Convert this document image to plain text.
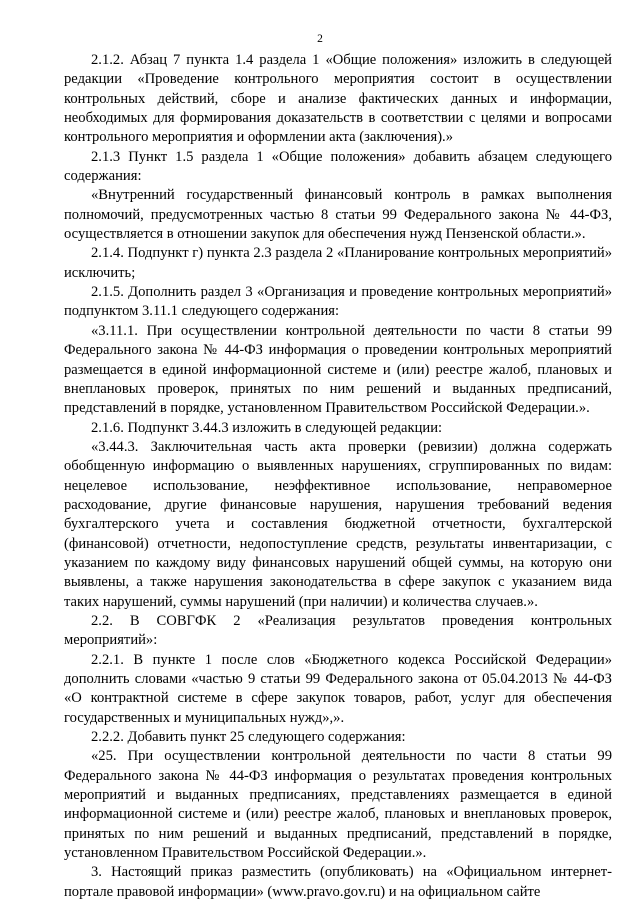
2

2.1.2. Абзац 7 пункта 1.4 раздела 1 «Общие положения» изложить в следующей редакции «Проведение контрольного мероприятия состоит в осуществлении контрольных действий, сборе и анализе фактических данных и информации, необходимых для формирования доказательств в соответствии с целями и вопросами контрольного мероприятия и оформлении акта (заключения).»

2.1.3 Пункт 1.5 раздела 1 «Общие положения» добавить абзацем следующего содержания:

«Внутренний государственный финансовый контроль в рамках выполнения полномочий, предусмотренных частью 8 статьи 99 Федерального закона № 44-ФЗ, осуществляется в отношении закупок для обеспечения нужд Пензенской области.».

2.1.4. Подпункт г) пункта 2.3 раздела 2 «Планирование контрольных мероприятий» исключить;

2.1.5. Дополнить раздел 3 «Организация и проведение контрольных мероприятий» подпунктом 3.11.1 следующего содержания:

«3.11.1. При осуществлении контрольной деятельности по части 8 статьи 99 Федерального закона № 44-ФЗ информация о проведении контрольных мероприятий размещается в единой информационной системе и (или) реестре жалоб, плановых и внеплановых проверок, принятых по ним решений и выданных предписаний, представлений в порядке, установленном Правительством Российской Федерации.».

2.1.6. Подпункт 3.44.3 изложить в следующей редакции:

«3.44.3. Заключительная часть акта проверки (ревизии) должна содержать обобщенную информацию о выявленных нарушениях, сгруппированных по видам: нецелевое использование, неэффективное использование, неправомерное расходование, другие финансовые нарушения, нарушения требований ведения бухгалтерского учета и составления бюджетной отчетности, бухгалтерской (финансовой) отчетности, недопоступление средств, результаты инвентаризации, с указанием по каждому виду финансовых нарушений общей суммы, на которую они выявлены, а также нарушения законодательства в сфере закупок с указанием вида таких нарушений, суммы нарушений (при наличии) и количества случаев.».

2.2. В СОВГФК 2 «Реализация результатов проведения контрольных мероприятий»:

2.2.1. В пункте 1 после слов «Бюджетного кодекса Российской Федерации» дополнить словами «частью 9 статьи 99 Федерального закона от 05.04.2013 № 44-ФЗ «О контрактной системе в сфере закупок товаров, работ, услуг для обеспечения государственных и муниципальных нужд»,».

2.2.2. Добавить пункт 25 следующего содержания:

«25. При осуществлении контрольной деятельности по части 8 статьи 99 Федерального закона № 44-ФЗ информация о результатах проведения контрольных мероприятий и выданных предписаниях, представлениях размещается в единой информационной системе и (или) реестре жалоб, плановых и внеплановых проверок, принятых по ним решений и выданных предписаний, представлений в порядке, установленном Правительством Российской Федерации.».

3. Настоящий приказ разместить (опубликовать) на «Официальном интернет-портале правовой информации» (www.pravo.gov.ru) и на официальном сайте
